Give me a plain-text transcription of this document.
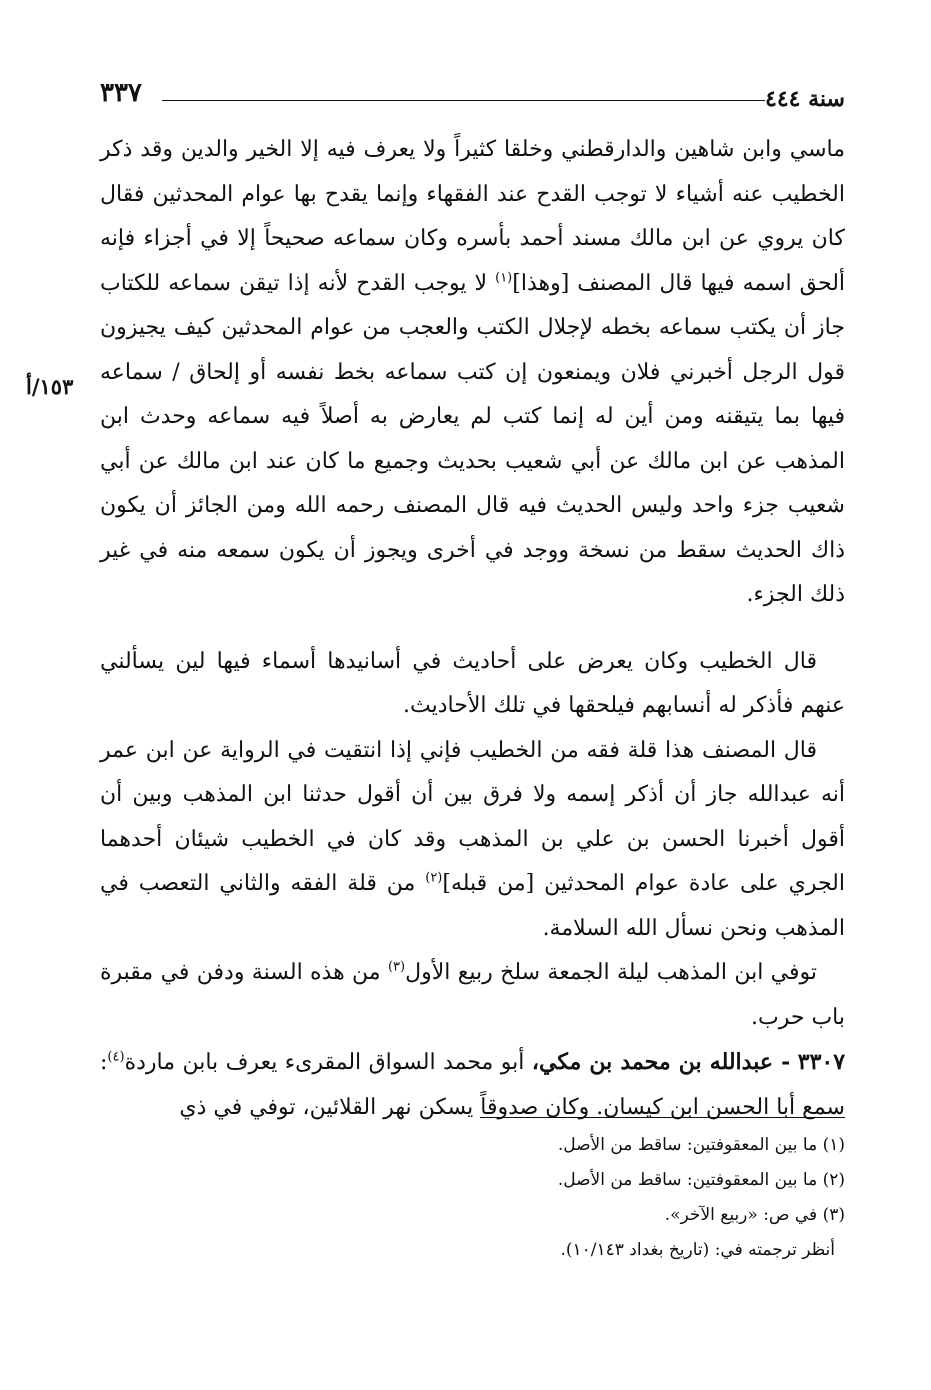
٣٣٧	سنة ٤٤٤
١٥٣/أ

ماسي وابن شاهين والدارقطني وخلقا كثيراً ولا يعرف فيه إلا الخير والدين وقد ذكر الخطيب عنه أشياء لا توجب القدح عند الفقهاء وإنما يقدح بها عوام المحدثين فقال كان يروي عن ابن مالك مسند أحمد بأسره وكان سماعه صحيحاً إلا في أجزاء فإنه ألحق اسمه فيها قال المصنف [وهذا]$^{(١)}$ لا يوجب القدح لأنه إذا تيقن سماعه للكتاب جاز أن يكتب سماعه بخطه لإجلال الكتب والعجب من عوام المحدثين كيف يجيزون قول الرجل أخبرني فلان ويمنعون إن كتب سماعه بخط نفسه أو إلحاق / سماعه فيها بما يتيقنه ومن أين له إنما كتب لم يعارض به أصلاً فيه سماعه وحدث ابن المذهب عن ابن مالك عن أبي شعيب بحديث وجميع ما كان عند ابن مالك عن أبي شعيب جزء واحد وليس الحديث فيه قال المصنف رحمه الله ومن الجائز أن يكون ذاك الحديث سقط من نسخة ووجد في أخرى ويجوز أن يكون سمعه منه في غير ذلك الجزء.

قال الخطيب وكان يعرض على أحاديث في أسانيدها أسماء فيها لين يسألني عنهم فأذكر له أنسابهم فيلحقها في تلك الأحاديث.

قال المصنف هذا قلة فقه من الخطيب فإني إذا انتقيت في الرواية عن ابن عمر أنه عبدالله جاز أن أذكر إسمه ولا فرق بين أن أقول حدثنا ابن المذهب وبين أن أقول أخبرنا الحسن بن علي بن المذهب وقد كان في الخطيب شيئان أحدهما الجري على عادة عوام المحدثين [من قبله]$^{(٢)}$ من قلة الفقه والثاني التعصب في المذهب ونحن نسأل الله السلامة.

توفي ابن المذهب ليلة الجمعة سلخ ربيع الأول$^{(٣)}$ من هذه السنة ودفن في مقبرة باب حرب.

٣٣٠٧ - عبدالله بن محمد بن مكي، أبو محمد السواق المقرىء يعرف بابن ماردة$^{(٤)}$: سمع أبا الحسن ابن كيسان. وكان صدوقاً يسكن نهر القلائين، توفي في ذي

(١) ما بين المعقوفتين: ساقط من الأصل.
(٢) ما بين المعقوفتين: ساقط من الأصل.
(٣) في ص: «ربيع الآخر».
أنظر ترجمته في: (تاريخ بغداد ١٠/١٤٣).
